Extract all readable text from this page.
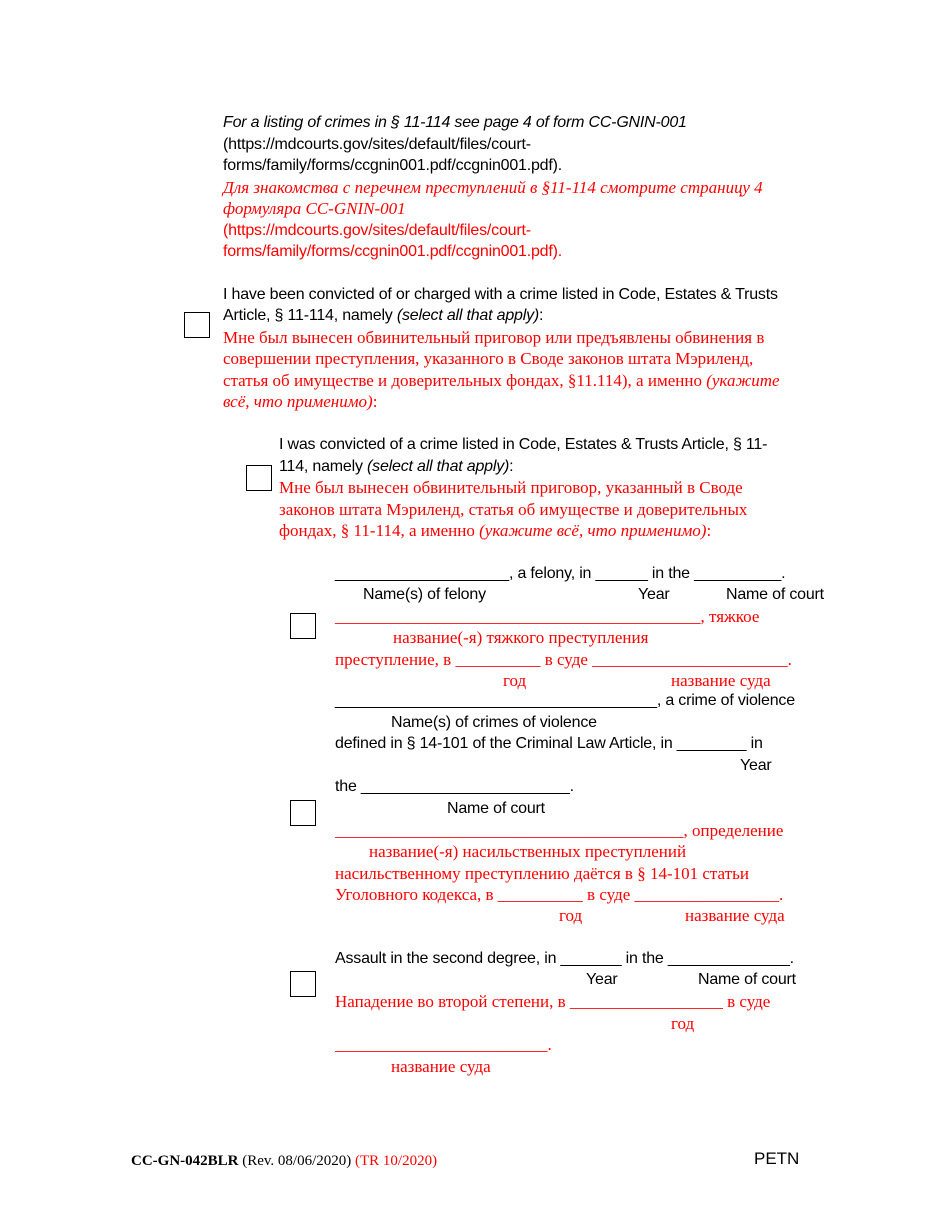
For a listing of crimes in § 11-114 see page 4 of form CC-GNIN-001
(https://mdcourts.gov/sites/default/files/court-
forms/family/forms/ccgnin001.pdf/ccgnin001.pdf).
Для знакомства с перечнем преступлений в §11-114 смотрите страницу 4
формуляра CC-GNIN-001
(https://mdcourts.gov/sites/default/files/court-
forms/family/forms/ccgnin001.pdf/ccgnin001.pdf).
I have been convicted of or charged with a crime listed in Code, Estates & Trusts
Article, § 11-114, namely (select all that apply):
Мне был вынесен обвинительный приговор или предъявлены обвинения в
совершении преступления, указанного в Своде законов штата Мэриленд,
статья об имуществе и доверительных фондах, §11.114), а именно (укажите
всё, что применимо):
I was convicted of a crime listed in Code, Estates & Trusts Article, § 11-
114, namely (select all that apply):
Мне был вынесен обвинительный приговор, указанный в Своде
законов штата Мэриленд, статья об имуществе и доверительных
фондах, § 11-114, а именно (укажите всё, что применимо):
____________________, a felony, in ______ in the __________.
Name(s) of felony	Year	Name of court
___________________________________________, тяжкое
название(-я) тяжкого преступления
преступление, в __________ в суде _______________________.
год	название суда
_____________________________________, a crime of violence
Name(s) of crimes of violence
defined in § 14-101 of the Criminal Law Article, in ________ in
Year
the ________________________.
Name of court
_________________________________________, определение
название(-я) насильственных преступлений
насильственному преступлению даётся в § 14-101 статьи
Уголовного кодекса, в __________ в суде _________________.
год	название суда
Assault in the second degree, in _______ in the ______________.
Year	Name of court
Нападение во второй степени, в __________________ в суде
год
_________________________.
название суда
CC-GN-042BLR (Rev. 08/06/2020) (TR 10/2020)	PETN
